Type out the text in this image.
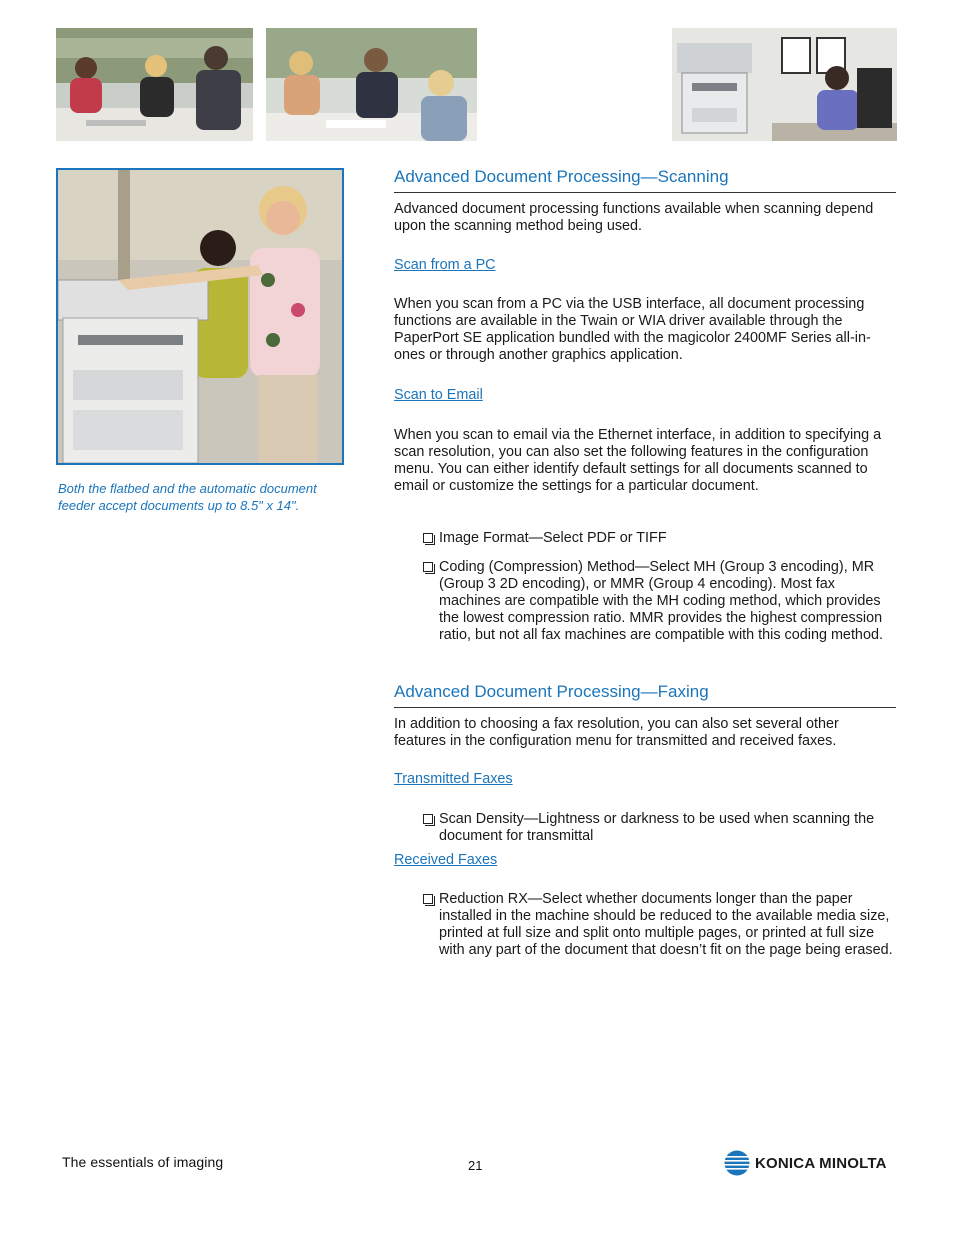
Both the flatbed and the automatic document feeder accept documents up to 8.5" x 14".

Advanced Document Processing—Scanning

Advanced document processing functions available when scanning depend upon the scanning method being used.

Scan from a PC

When you scan from a PC via the USB interface, all document processing functions are available in the Twain or WIA driver available through the PaperPort SE application bundled with the magicolor 2400MF Series all-in-ones or through another graphics application.

Scan to Email

When you scan to email via the Ethernet interface, in addition to specifying a scan resolution, you can also set the following features in the configuration menu. You can either identify default settings for all documents scanned to email or customize the settings for a particular document.

Image Format—Select PDF or TIFF
Coding (Compression) Method—Select MH (Group 3 encoding), MR (Group 3 2D encoding), or MMR (Group 4 encoding). Most fax machines are compatible with the MH coding method, which provides the lowest compression ratio. MMR provides the highest compression ratio, but not all fax machines are compatible with this coding method.
Advanced Document Processing—Faxing

In addition to choosing a fax resolution, you can also set several other features in the configuration menu for transmitted and received faxes.

Transmitted Faxes

Scan Density—Lightness or darkness to be used when scanning the document for transmittal

Received Faxes

Reduction RX—Select whether documents longer than the paper installed in the machine should be reduced to the available media size, printed at full size and split onto multiple pages, or printed at full size with any part of the document that doesn’t fit on the page being erased.
The essentials of imaging	21	KONICA MINOLTA
